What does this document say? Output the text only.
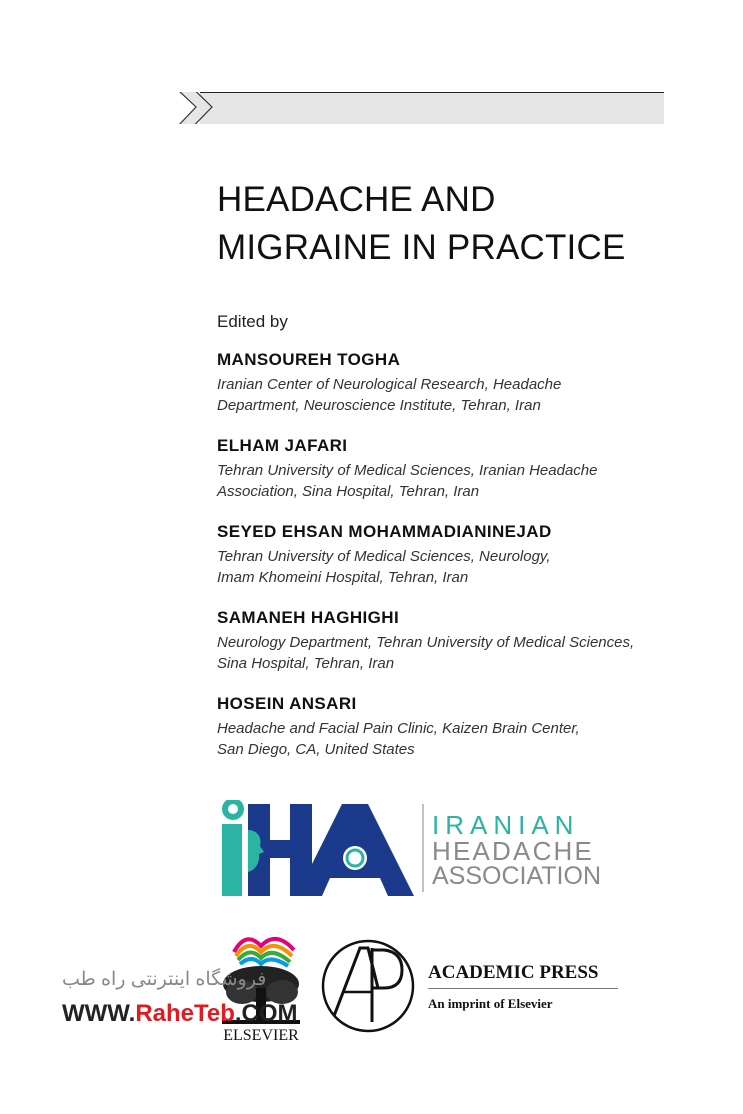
HEADACHE AND
MIGRAINE IN PRACTICE
Edited by
MANSOUREH TOGHA
Iranian Center of Neurological Research, Headache
Department, Neuroscience Institute, Tehran, Iran
ELHAM JAFARI
Tehran University of Medical Sciences, Iranian Headache
Association, Sina Hospital, Tehran, Iran
SEYED EHSAN MOHAMMADIANINEJAD
Tehran University of Medical Sciences, Neurology,
Imam Khomeini Hospital, Tehran, Iran
SAMANEH HAGHIGHI
Neurology Department, Tehran University of Medical Sciences,
Sina Hospital, Tehran, Iran
HOSEIN ANSARI
Headache and Facial Pain Clinic, Kaizen Brain Center,
San Diego, CA, United States
IRANIAN
HEADACHE
ASSOCIATION
ELSEVIER
ACADEMIC PRESS
An imprint of Elsevier
فروشگاه اینترنتی راه طب
WWW.RaheTeb.COM
